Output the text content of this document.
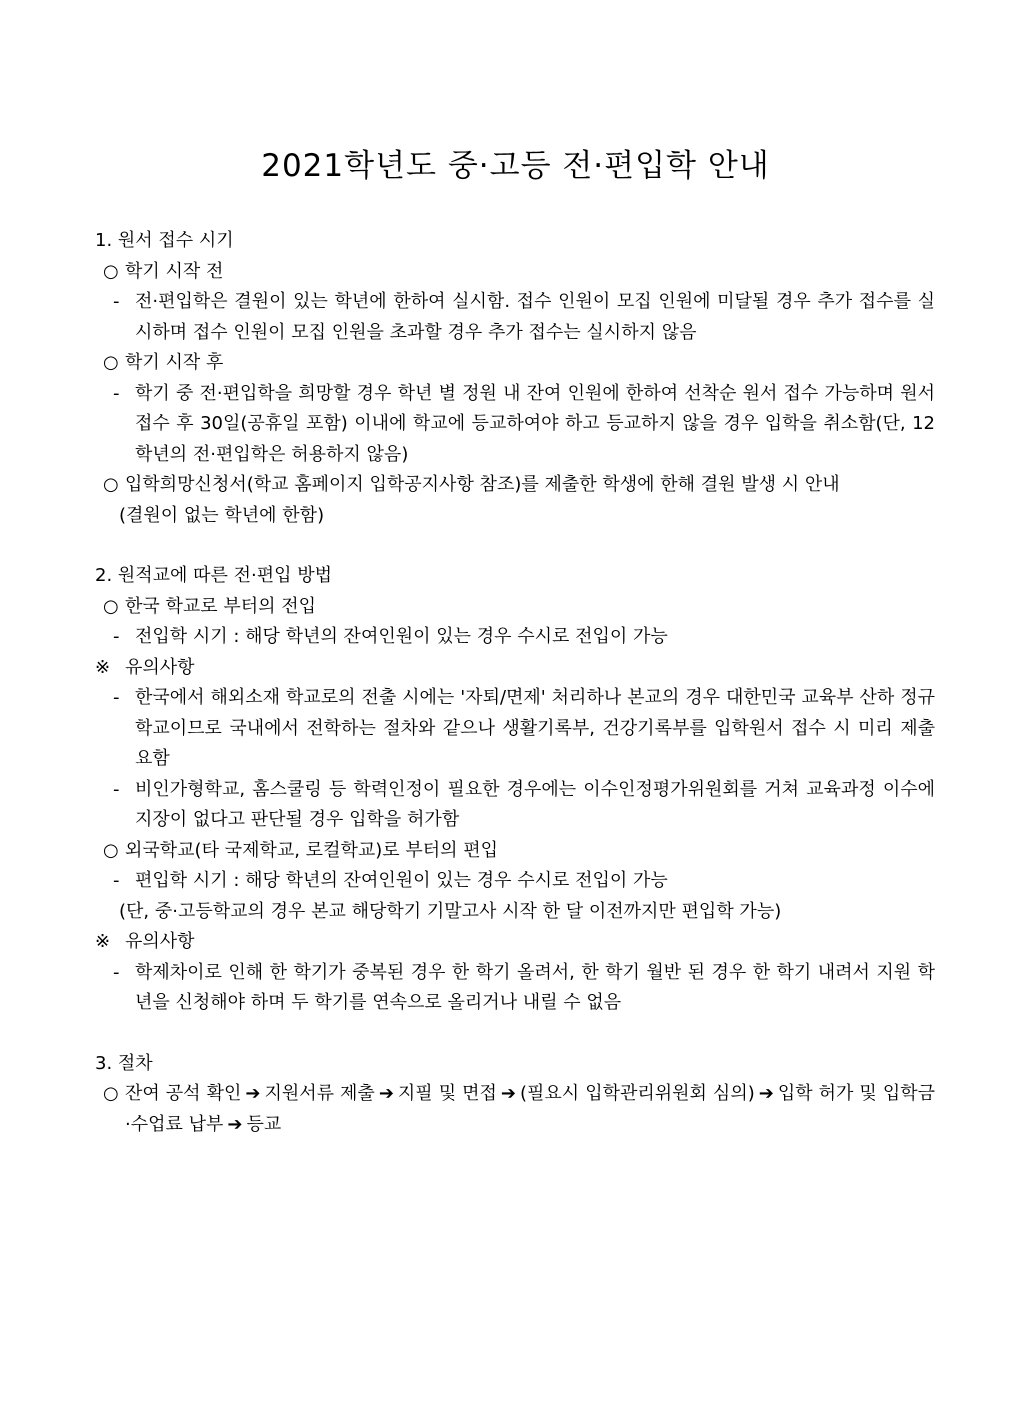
2021학년도 중·고등 전·편입학 안내
1. 원서 접수 시기
○ 학기 시작 전
- 전·편입학은 결원이 있는 학년에 한하여 실시함. 접수 인원이 모집 인원에 미달될 경우 추가 접수를 실시하며 접수 인원이 모집 인원을 초과할 경우 추가 접수는 실시하지 않음
○ 학기 시작 후
- 학기 중 전·편입학을 희망할 경우 학년 별 정원 내 잔여 인원에 한하여 선착순 원서 접수 가능하며 원서 접수 후 30일(공휴일 포함) 이내에 학교에 등교하여야 하고 등교하지 않을 경우 입학을 취소함(단, 12학년의 전·편입학은 허용하지 않음)
○ 입학희망신청서(학교 홈페이지 입학공지사항 참조)를 제출한 학생에 한해 결원 발생 시 안내
(결원이 없는 학년에 한함)
2. 원적교에 따른 전·편입 방법
○ 한국 학교로 부터의 전입
- 전입학 시기 : 해당 학년의 잔여인원이 있는 경우 수시로 전입이 가능
※ 유의사항
- 한국에서 해외소재 학교로의 전출 시에는 '자퇴/면제' 처리하나 본교의 경우 대한민국 교육부 산하 정규학교이므로 국내에서 전학하는 절차와 같으나 생활기록부, 건강기록부를 입학원서 접수 시 미리 제출 요함
- 비인가형학교, 홈스쿨링 등 학력인정이 필요한 경우에는 이수인정평가위원회를 거쳐 교육과정 이수에 지장이 없다고 판단될 경우 입학을 허가함
○ 외국학교(타 국제학교, 로컬학교)로 부터의 편입
- 편입학 시기 : 해당 학년의 잔여인원이 있는 경우 수시로 전입이 가능
(단, 중·고등학교의 경우 본교 해당학기 기말고사 시작 한 달 이전까지만 편입학 가능)
※ 유의사항
- 학제차이로 인해 한 학기가 중복된 경우 한 학기 올려서, 한 학기 월반 된 경우 한 학기 내려서 지원 학년을 신청해야 하며 두 학기를 연속으로 올리거나 내릴 수 없음
3. 절차
○ 잔여 공석 확인 ➔ 지원서류 제출 ➔ 지필 및 면접 ➔ (필요시 입학관리위원회 심의) ➔ 입학 허가 및 입학금·수업료 납부 ➔ 등교
